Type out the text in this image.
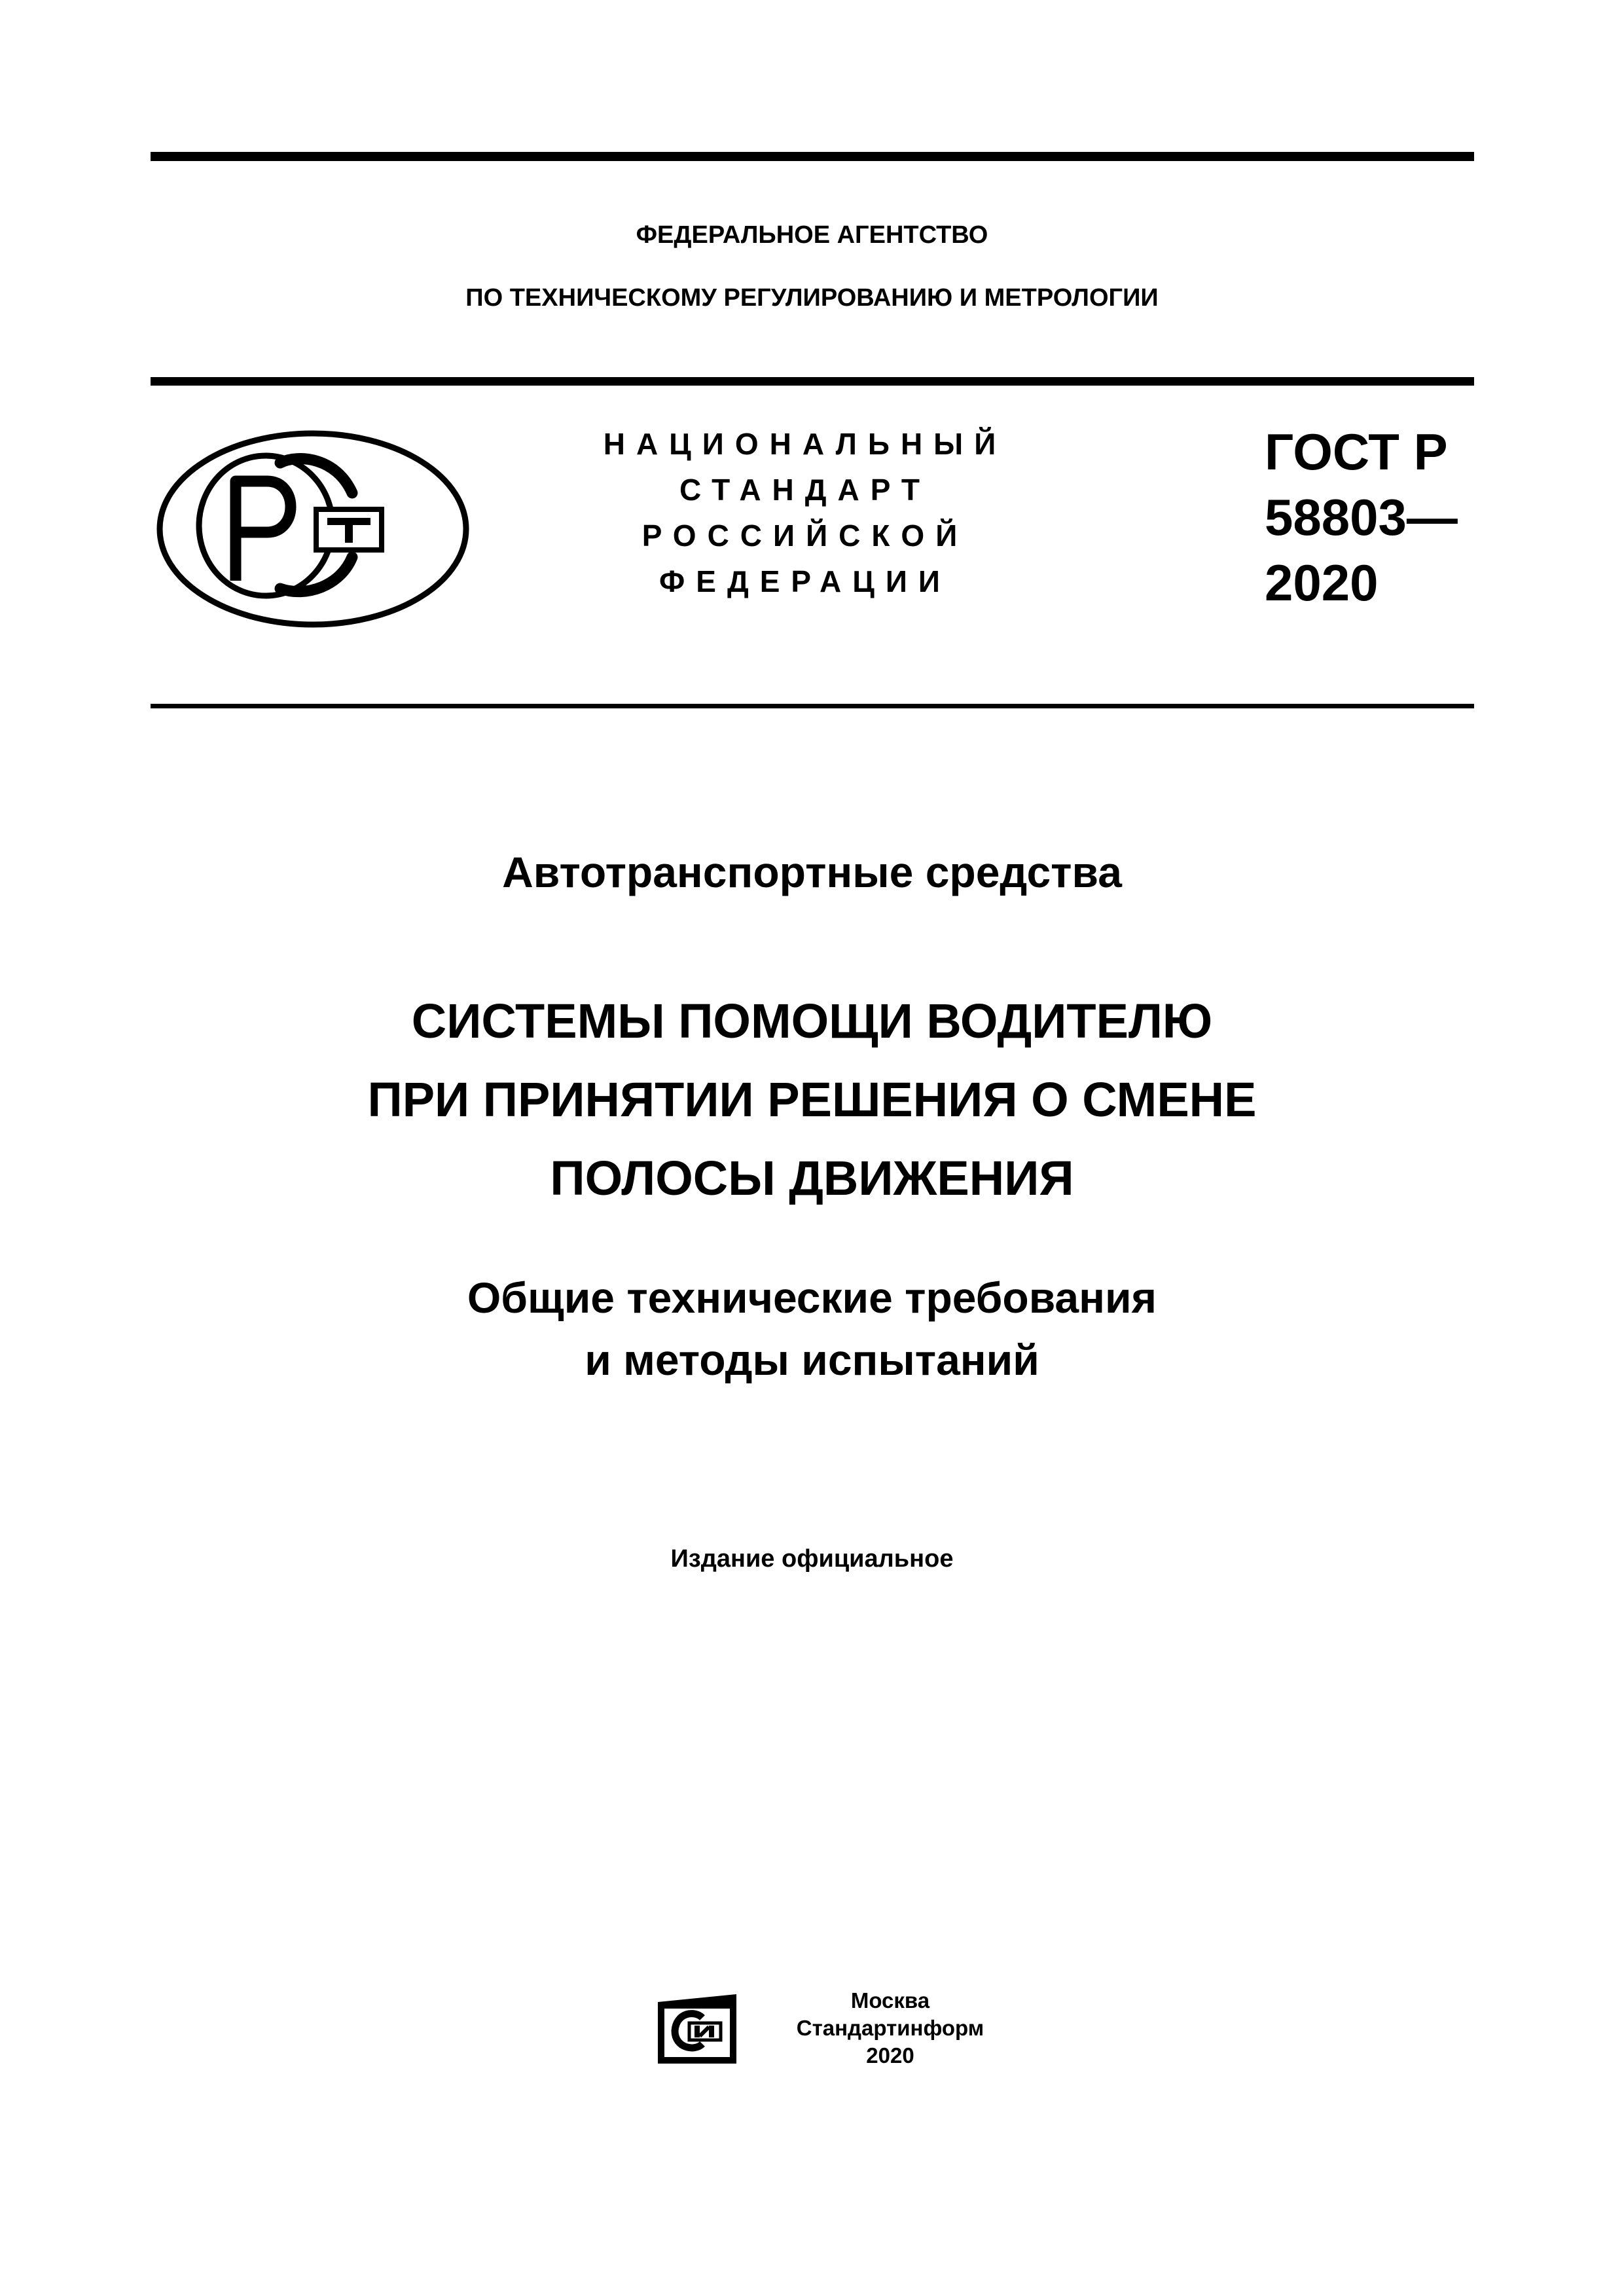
ФЕДЕРАЛЬНОЕ АГЕНТСТВО
ПО ТЕХНИЧЕСКОМУ РЕГУЛИРОВАНИЮ И МЕТРОЛОГИИ
НАЦИОНАЛЬНЫЙ
СТАНДАРТ
РОССИЙСКОЙ
ФЕДЕРАЦИИ
ГОСТ Р
58803—
2020
Автотранспортные средства
СИСТЕМЫ ПОМОЩИ ВОДИТЕЛЮ
ПРИ ПРИНЯТИИ РЕШЕНИЯ О СМЕНЕ
ПОЛОСЫ ДВИЖЕНИЯ
Общие технические требования
и методы испытаний
Издание официальное
Москва
Стандартинформ
2020
